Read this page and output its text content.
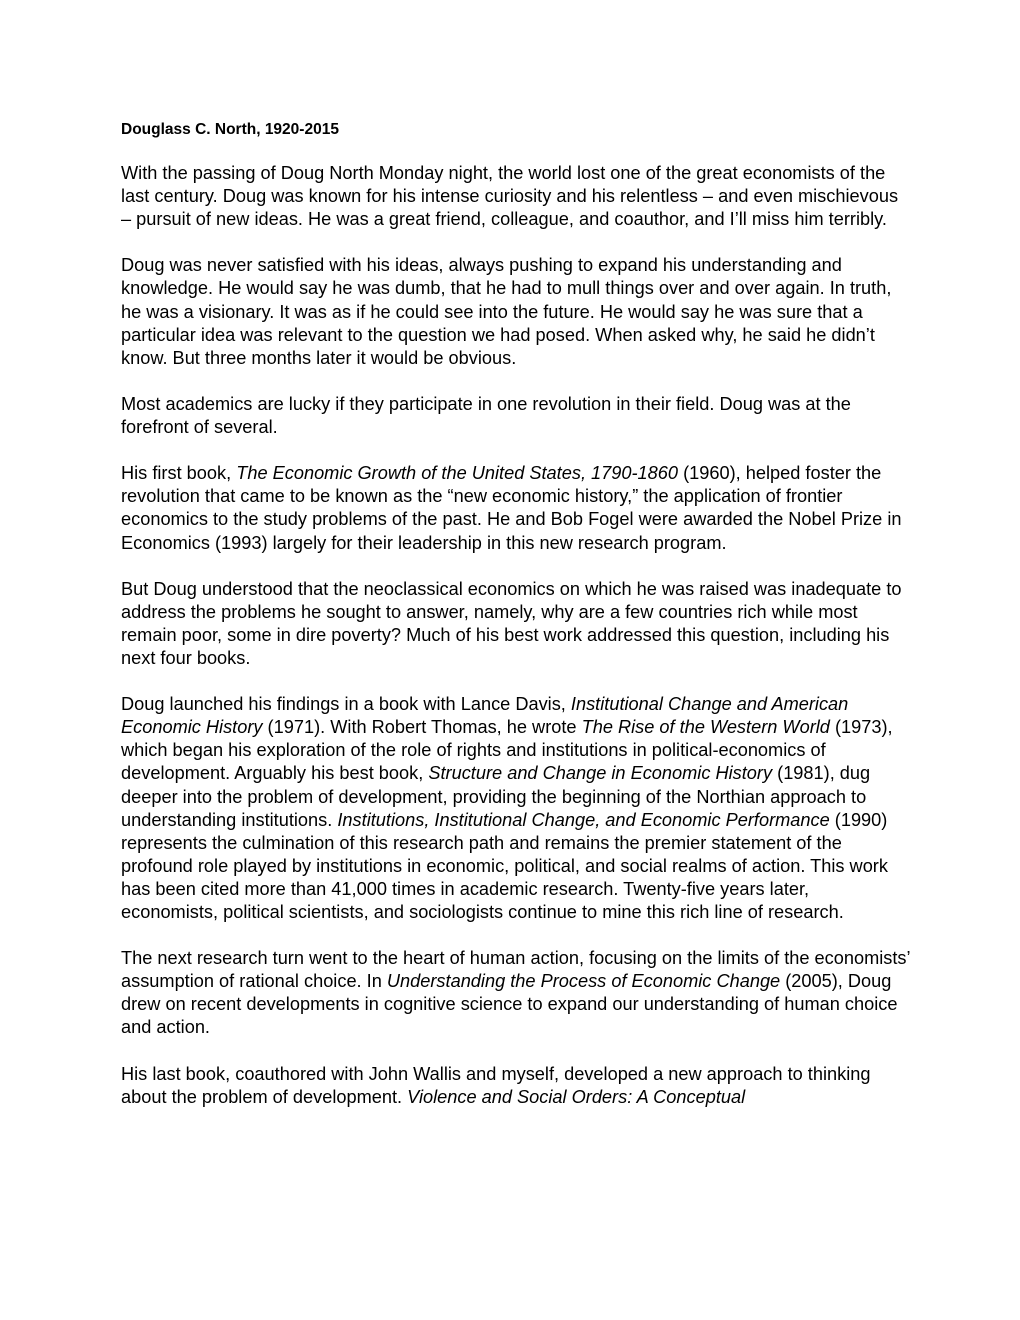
Douglass C. North, 1920-2015

With the passing of Doug North Monday night, the world lost one of the great economists of the last century. Doug was known for his intense curiosity and his relentless – and even mischievous – pursuit of new ideas. He was a great friend, colleague, and coauthor, and I’ll miss him terribly.

Doug was never satisfied with his ideas, always pushing to expand his understanding and knowledge. He would say he was dumb, that he had to mull things over and over again. In truth, he was a visionary. It was as if he could see into the future. He would say he was sure that a particular idea was relevant to the question we had posed. When asked why, he said he didn’t know. But three months later it would be obvious.

Most academics are lucky if they participate in one revolution in their field. Doug was at the forefront of several.

His first book, The Economic Growth of the United States, 1790-1860 (1960), helped foster the revolution that came to be known as the “new economic history,” the application of frontier economics to the study problems of the past. He and Bob Fogel were awarded the Nobel Prize in Economics (1993) largely for their leadership in this new research program.

But Doug understood that the neoclassical economics on which he was raised was inadequate to address the problems he sought to answer, namely, why are a few countries rich while most remain poor, some in dire poverty? Much of his best work addressed this question, including his next four books.

Doug launched his findings in a book with Lance Davis, Institutional Change and American Economic History (1971). With Robert Thomas, he wrote The Rise of the Western World (1973), which began his exploration of the role of rights and institutions in political-economics of development. Arguably his best book, Structure and Change in Economic History (1981), dug deeper into the problem of development, providing the beginning of the Northian approach to understanding institutions. Institutions, Institutional Change, and Economic Performance (1990) represents the culmination of this research path and remains the premier statement of the profound role played by institutions in economic, political, and social realms of action. This work has been cited more than 41,000 times in academic research. Twenty-five years later, economists, political scientists, and sociologists continue to mine this rich line of research.

The next research turn went to the heart of human action, focusing on the limits of the economists’ assumption of rational choice. In Understanding the Process of Economic Change (2005), Doug drew on recent developments in cognitive science to expand our understanding of human choice and action.

His last book, coauthored with John Wallis and myself, developed a new approach to thinking about the problem of development. Violence and Social Orders: A Conceptual
